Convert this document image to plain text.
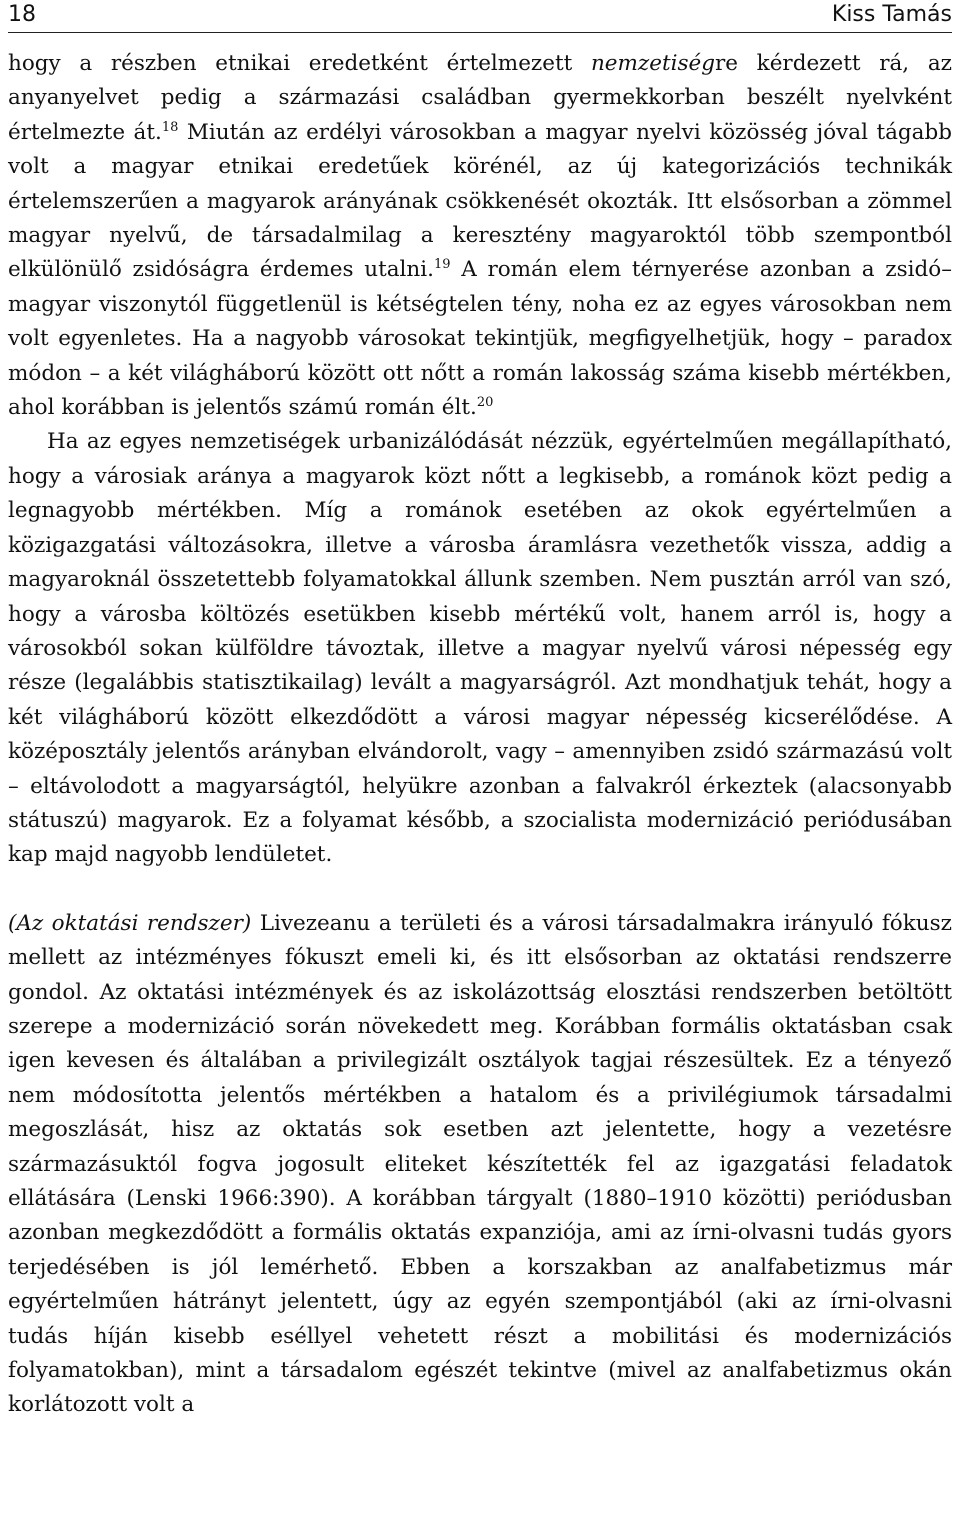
18	Kiss Tamás

hogy a részben etnikai eredetként értelmezett nemzetiségre kérdezett rá, az anyanyelvet pedig a származási családban gyermekkorban beszélt nyelvként értelmezte át.$^{18}$ Miután az erdélyi városokban a magyar nyelvi közösség jóval tágabb volt a magyar etnikai eredetűek körénél, az új kategorizációs technikák értelemszerűen a magyarok arányának csökkenését okozták. Itt elsősorban a zömmel magyar nyelvű, de társadalmilag a keresztény magyaroktól több szempontból elkülönülő zsidóságra érdemes utalni.$^{19}$ A román elem térnyerése azonban a zsidó–magyar viszonytól függetlenül is kétségtelen tény, noha ez az egyes városokban nem volt egyenletes. Ha a nagyobb városokat tekintjük, megfigyelhetjük, hogy – paradox módon – a két világháború között ott nőtt a román lakosság száma kisebb mértékben, ahol korábban is jelentős számú román élt.$^{20}$

Ha az egyes nemzetiségek urbanizálódását nézzük, egyértelműen megállapítható, hogy a városiak aránya a magyarok közt nőtt a legkisebb, a románok közt pedig a legnagyobb mértékben. Míg a románok esetében az okok egyértelműen a közigazgatási változásokra, illetve a városba áramlásra vezethetők vissza, addig a magyaroknál összetettebb folyamatokkal állunk szemben. Nem pusztán arról van szó, hogy a városba költözés esetükben kisebb mértékű volt, hanem arról is, hogy a városokból sokan külföldre távoztak, illetve a magyar nyelvű városi népesség egy része (legalábbis statisztikailag) levált a magyarságról. Azt mondhatjuk tehát, hogy a két világháború között elkezdődött a városi magyar népesség kicserélődése. A középosztály jelentős arányban elvándorolt, vagy – amennyiben zsidó származású volt – eltávolodott a magyarságtól, helyükre azonban a falvakról érkeztek (alacsonyabb státuszú) magyarok. Ez a folyamat később, a szocialista modernizáció periódusában kap majd nagyobb lendületet.

(Az oktatási rendszer) Livezeanu a területi és a városi társadalmakra irányuló fókusz mellett az intézményes fókuszt emeli ki, és itt elsősorban az oktatási rendszerre gondol. Az oktatási intézmények és az iskolázottság elosztási rendszerben betöltött szerepe a modernizáció során növekedett meg. Korábban formális oktatásban csak igen kevesen és általában a privilegizált osztályok tagjai részesültek. Ez a tényező nem módosította jelentős mértékben a hatalom és a privilégiumok társadalmi megoszlását, hisz az oktatás sok esetben azt jelentette, hogy a vezetésre származásuktól fogva jogosult eliteket készítették fel az igazgatási feladatok ellátására (Lenski 1966:390). A korábban tárgyalt (1880–1910 közötti) periódusban azonban megkezdődött a formális oktatás expanziója, ami az írni-olvasni tudás gyors terjedésében is jól lemérhető. Ebben a korszakban az analfabetizmus már egyértelműen hátrányt jelentett, úgy az egyén szempontjából (aki az írni-olvasni tudás híján kisebb eséllyel vehetett részt a mobilitási és modernizációs folyamatokban), mint a társadalom egészét tekintve (mivel az analfabetizmus okán korlátozott volt a
